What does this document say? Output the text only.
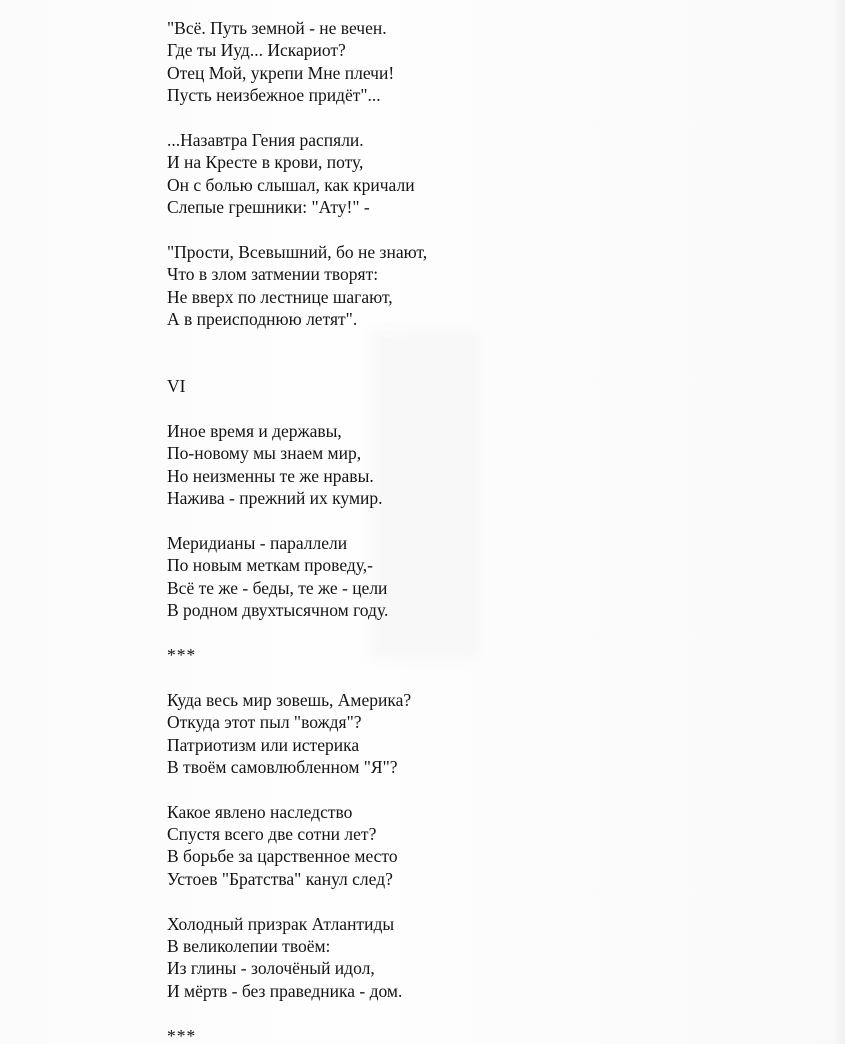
"Всё. Путь земной - не вечен.
Где ты Иуд... Искариот?
Отец Мой, укрепи Мне плечи!
Пусть неизбежное придёт"...
...Назавтра Гения распяли.
И на Кресте в крови, поту,
Он с болью слышал, как кричали
Слепые грешники: "Ату!" -
"Прости, Всевышний, бо не знают,
Что в злом затмении творят:
Не вверх по лестнице шагают,
А в преисподнюю летят".
VI
Иное время и державы,
По-новому мы знаем мир,
Но неизменны те же нравы.
Нажива - прежний их кумир.
Меридианы - параллели
По новым меткам проведу,-
Всё те же - беды, те же - цели
В родном двухтысячном году.
***
Куда весь мир зовешь, Америка?
Откуда этот пыл "вождя"?
Патриотизм или истерика
В твоём самовлюбленном "Я"?
Какое явлено наследство
Спустя всего две сотни лет?
В борьбе за царственное место
Устоев "Братства" канул след?
Холодный призрак Атлантиды
В великолепии твоём:
Из глины - золочёный идол,
И мёртв - без праведника - дом.
***
